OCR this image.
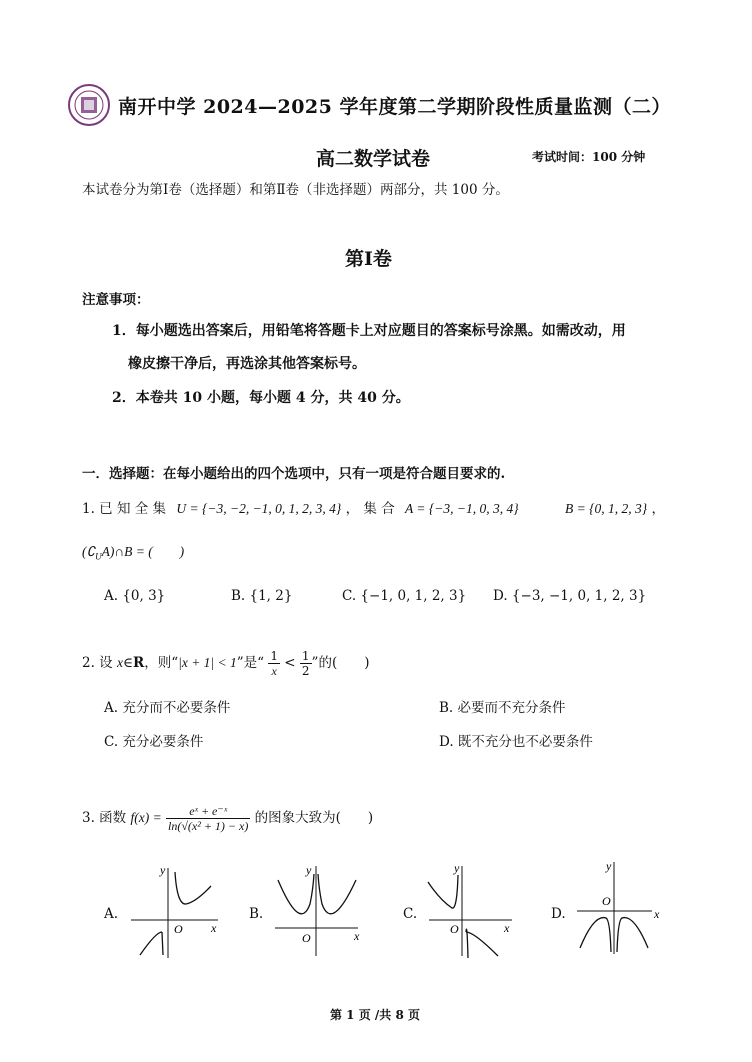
南开中学 2024—2025 学年度第二学期阶段性质量监测（二）
高二数学试卷	考试时间：100 分钟
本试卷分为第Ⅰ卷（选择题）和第Ⅱ卷（非选择题）两部分，共 100 分。
第Ⅰ卷
注意事项：
1．每小题选出答案后，用铅笔将答题卡上对应题目的答案标号涂黑。如需改动，用
橡皮擦干净后，再选涂其他答案标号。
2．本卷共 10 小题，每小题 4 分，共 40 分。
一．选择题：在每小题给出的四个选项中，只有一项是符合题目要求的.
1. 已 知 全 集 U = {−3, −2, −1, 0, 1, 2, 3, 4} ， 集 合 A = {−3, −1, 0, 3, 4}	B = {0, 1, 2, 3} ，
$(∁_UA)\cap B$ = (　　)
A. {0, 3}	B. {1, 2}	C. {−1, 0, 1, 2, 3} D. {−3, −1, 0, 1, 2, 3}
2. 设 x∈R，则“|x + 1| < 1”是“ $\frac{1}{x} < \frac{1}{2}$ ”的(　　)
A. 充分而不必要条件	B. 必要而不充分条件
C. 充分必要条件	D. 既不充分也不必要条件
3. 函数 $f(x) = \frac{\text{eˣ + e⁻ˣ}}{\text{ln(√(x² + 1) − x)}}$ 的图象大致为(　　)
A.	B.	C.	D.
y
x
O
y
x
O
y
x
O
y
x
O
第 1 页 /共 8 页
